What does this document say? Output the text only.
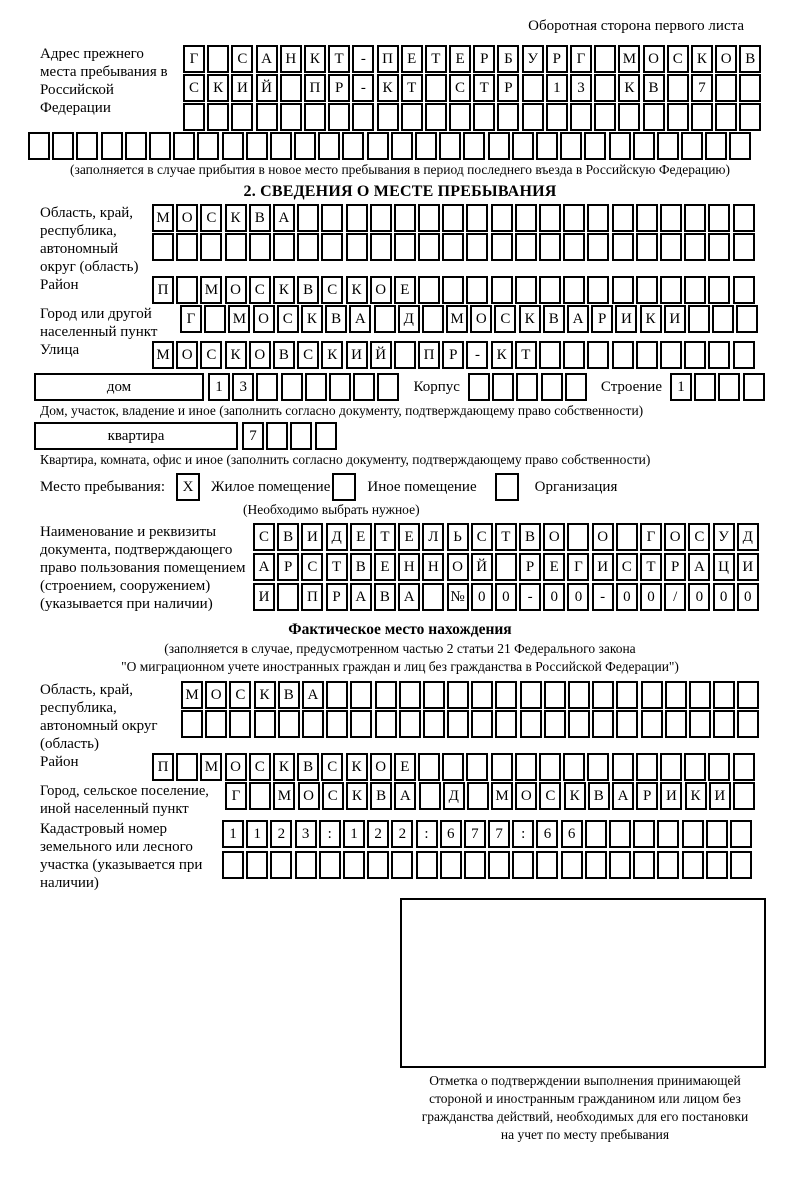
Оборотная сторона первого листа
Адрес прежнего места пребывания в Российской Федерации
Г	С А Н К Т	-	П Е	Т	Е	Р	Б У Р	Г	М О С К О В
С К И Й	П Р	-	К Т	С Т	Р	1	3	К В	7
(заполняется в случае прибытия в новое место пребывания в период последнего въезда в Российскую Федерацию)
2. СВЕДЕНИЯ О МЕСТЕ ПРЕБЫВАНИЯ
Область, край, республика, автономный округ (область)
М О С К В А
Район	П	М О С К В С К О Е
Город или другой населенный пункт
Г	М О С К В А	Д	М О С К В А Р И К И
Улица	М О С К О В С К И Й	П Р	-	К Т
дом	1	3	Корпус	Строение	1
Дом, участок, владение и иное (заполнить согласно документу, подтверждающему право собственности)
квартира	7
Квартира, комната, офис и иное (заполнить согласно документу, подтверждающему право собственности)
Место пребывания:	X	Жилое помещение Иное помещение	Организация
(Необходимо выбрать нужное)
Наименование и реквизиты документа, подтверждающего право пользования помещением (строением, сооружением) (указывается при наличии)
С В И Д Е	Т	Е Л Ь С Т В О	О	Г О С У Д
А Р	С Т В Е Н Н О Й	Р	Е	Г И С Т	Р А Ц И
И	П Р А В А	№ 0	0	-	0	0	-	0	0	/	0	0	0
Фактическое место нахождения
(заполняется в случае, предусмотренном частью 2 статьи 21 Федерального закона
"О миграционном учете иностранных граждан и лиц без гражданства в Российской Федерации")
Область, край, республика, автономный округ (область)
М О С К В А
Район	П	М О С К В С К О Е
Город, сельское поселение, иной населенный пункт
Г	М О С К В А	Д	М О С К В А Р И К И
Кадастровый номер земельного или лесного участка (указывается при наличии)
1	1	2	3	:	1	2	2	:	6	7	7	:	6	6
Отметка о подтверждении выполнения принимающей
стороной и иностранным гражданином или лицом без
гражданства действий, необходимых для его постановки
на учет по месту пребывания
